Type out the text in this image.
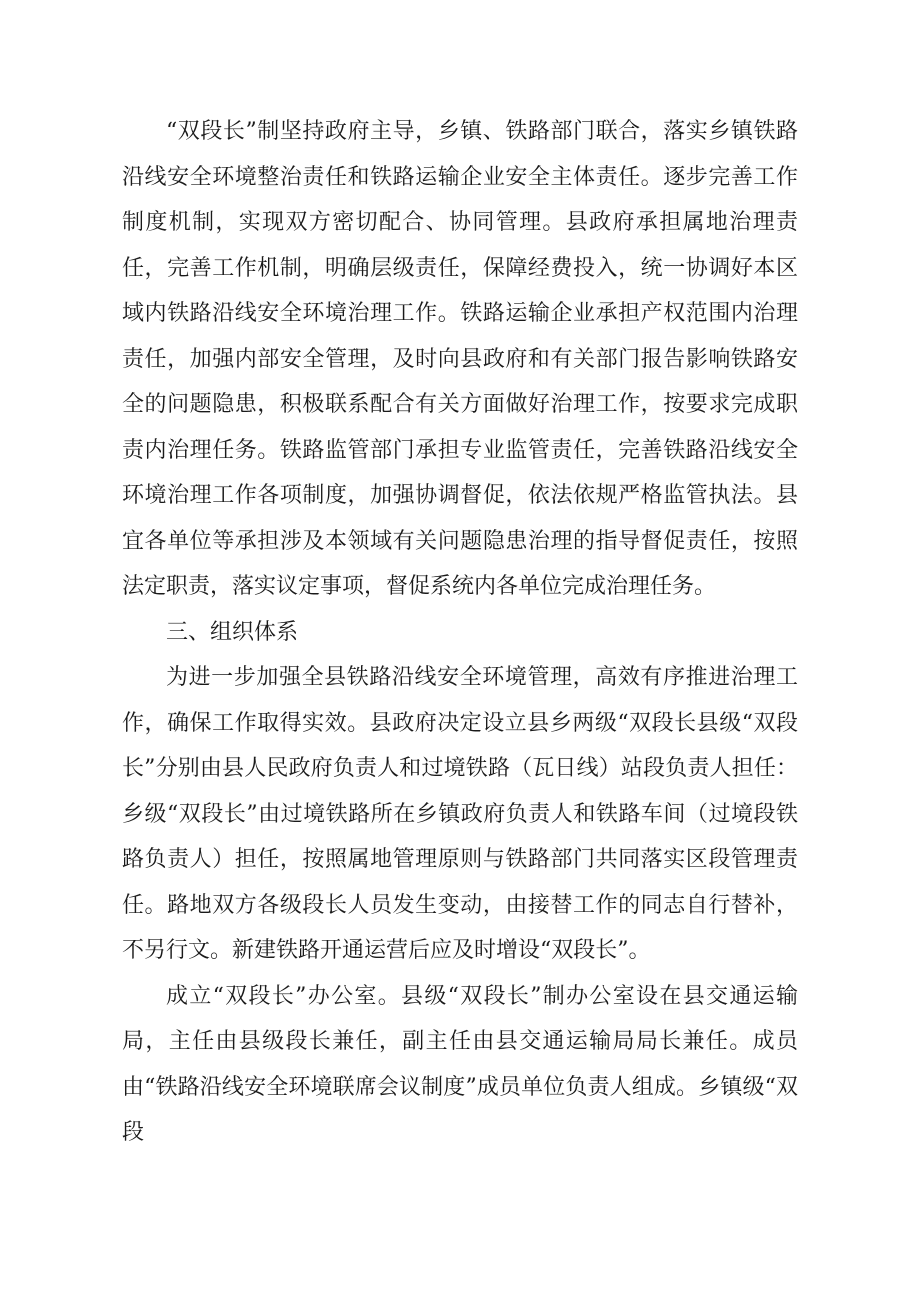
“双段长”制坚持政府主导，乡镇、铁路部门联合，落实乡镇铁路沿线安全环境整治责任和铁路运输企业安全主体责任。逐步完善工作制度机制，实现双方密切配合、协同管理。县政府承担属地治理责任，完善工作机制，明确层级责任，保障经费投入，统一协调好本区域内铁路沿线安全环境治理工作。铁路运输企业承担产权范围内治理责任，加强内部安全管理，及时向县政府和有关部门报告影响铁路安全的问题隐患，积极联系配合有关方面做好治理工作，按要求完成职责内治理任务。铁路监管部门承担专业监管责任，完善铁路沿线安全环境治理工作各项制度，加强协调督促，依法依规严格监管执法。县宜各单位等承担涉及本领域有关问题隐患治理的指导督促责任，按照法定职责，落实议定事项，督促系统内各单位完成治理任务。

三、组织体系

为进一步加强全县铁路沿线安全环境管理，高效有序推进治理工作，确保工作取得实效。县政府决定设立县乡两级“双段长县级“双段长”分别由县人民政府负责人和过境铁路（瓦日线）站段负责人担任：乡级“双段长”由过境铁路所在乡镇政府负责人和铁路车间（过境段铁路负责人）担任，按照属地管理原则与铁路部门共同落实区段管理责任。路地双方各级段长人员发生变动，由接替工作的同志自行替补，不另行文。新建铁路开通运营后应及时增设“双段长”。

成立“双段长”办公室。县级“双段长”制办公室设在县交通运输局，主任由县级段长兼任，副主任由县交通运输局局长兼任。成员由“铁路沿线安全环境联席会议制度”成员单位负责人组成。乡镇级“双段
